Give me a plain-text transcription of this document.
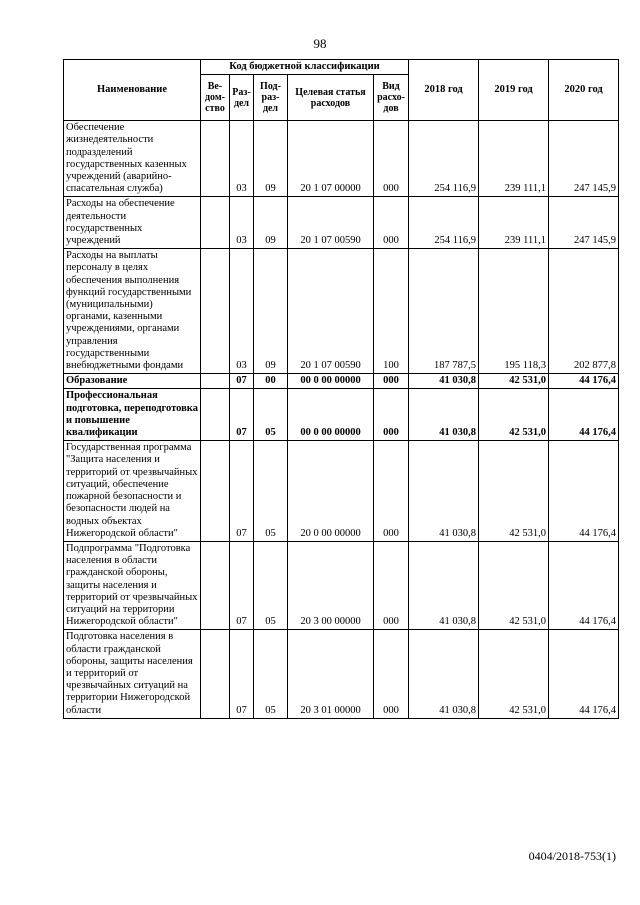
98
Наименование	Код бюджетной классификации					2018 год	2019 год	2020 год
	Ве-дом-ство	Раз-дел	Под-раз-дел	Целевая статья расходов	Вид расхо-дов			
Обеспечение жизнедеятельности подразделений государственных казенных учреждений (аварийно-спасательная служба)		03	09	20 1 07 00000	000	254 116,9	239 111,1	247 145,9
Расходы на обеспечение деятельности государственных учреждений		03	09	20 1 07 00590	000	254 116,9	239 111,1	247 145,9
Расходы на выплаты персоналу в целях обеспечения выполнения функций государственными (муниципальными) органами, казенными учреждениями, органами управления государственными внебюджетными фондами		03	09	20 1 07 00590	100	187 787,5	195 118,3	202 877,8
Образование		07	00	00 0 00 00000	000	41 030,8	42 531,0	44 176,4
Профессиональная подготовка, переподготовка и повышение квалификации		07	05	00 0 00 00000	000	41 030,8	42 531,0	44 176,4
Государственная программа "Защита населения и территорий от чрезвычайных ситуаций, обеспечение пожарной безопасности и безопасности людей на водных объектах Нижегородской области"		07	05	20 0 00 00000	000	41 030,8	42 531,0	44 176,4
Подпрограмма "Подготовка населения в области гражданской обороны, защиты населения и территорий от чрезвычайных ситуаций на территории Нижегородской области"		07	05	20 3 00 00000	000	41 030,8	42 531,0	44 176,4
Подготовка населения в области гражданской обороны, защиты населения и территорий от чрезвычайных ситуаций на территории Нижегородской области		07	05	20 3 01 00000	000	41 030,8	42 531,0	44 176,4
0404/2018-753(1)
